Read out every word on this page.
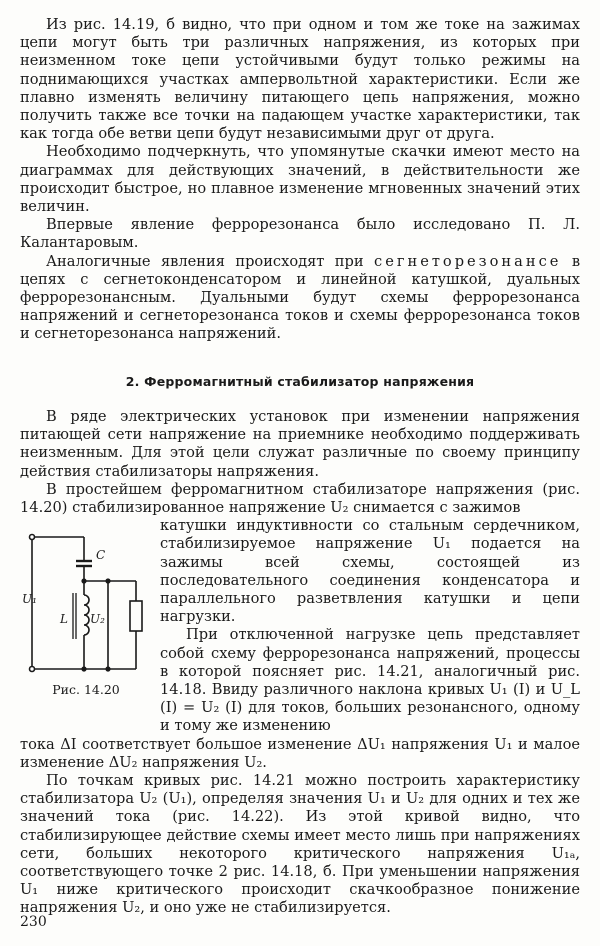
Из рис. 14.19, б видно, что при одном и том же токе на зажимах цепи могут быть три различных напряжения, из которых при неизменном токе цепи устойчивыми будут только режимы на поднимающихся участках ампервольтной характеристики. Если же плавно изменять величину питающего цепь напряжения, можно получить также все точки на падающем участке характеристики, так как тогда обе ветви цепи будут независимыми друг от друга.

Необходимо подчеркнуть, что упомянутые скачки имеют место на диаграммах для действующих значений, в действительности же происходит быстрое, но плавное изменение мгновенных значений этих величин.

Впервые явление феррорезонанса было исследовано П. Л. Калантаровым.

Аналогичные явления происходят при сегнеторезонансе в цепях с сегнетоконденсатором и линейной катушкой, дуальных феррорезонансным. Дуальными будут схемы феррорезонанса напряжений и сегнеторезонанса токов и схемы феррорезонанса токов и сегнеторезонанса напряжений.

2. Ферромагнитный стабилизатор напряжения

В ряде электрических установок при изменении напряжения питающей сети напряжение на приемнике необходимо поддерживать неизменным. Для этой цели служат различные по своему принципу действия стабилизаторы напряжения.

В простейшем ферромагнитном стабилизаторе напряжения (рис. 14.20) стабилизированное напряжение U₂ снимается с зажимов

U₁
C
L U₂
Рис. 14.20

катушки индуктивности со стальным сердечником, стабилизируемое напряжение U₁ подается на зажимы всей схемы, состоящей из последовательного соединения конденсатора и параллельного разветвления катушки и цепи нагрузки.

При отключенной нагрузке цепь представляет собой схему феррорезонанса напряжений, процессы в которой поясняет рис. 14.21, аналогичный рис. 14.18. Ввиду различного наклона кривых U₁ (I) и U_L (I) = U₂ (I) для токов, больших резонансного, одному и тому же изменению

тока ΔI соответствует большое изменение ΔU₁ напряжения U₁ и малое изменение ΔU₂ напряжения U₂.

По точкам кривых рис. 14.21 можно построить характеристику стабилизатора U₂ (U₁), определяя значения U₁ и U₂ для одних и тех же значений тока (рис. 14.22). Из этой кривой видно, что стабилизирующее действие схемы имеет место лишь при напряжениях сети, больших некоторого критического напряжения U₁ₐ, соответствующего точке 2 рис. 14.18, б. При уменьшении напряжения U₁ ниже критического происходит скачкообразное понижение напряжения U₂, и оно уже не стабилизируется.

230
